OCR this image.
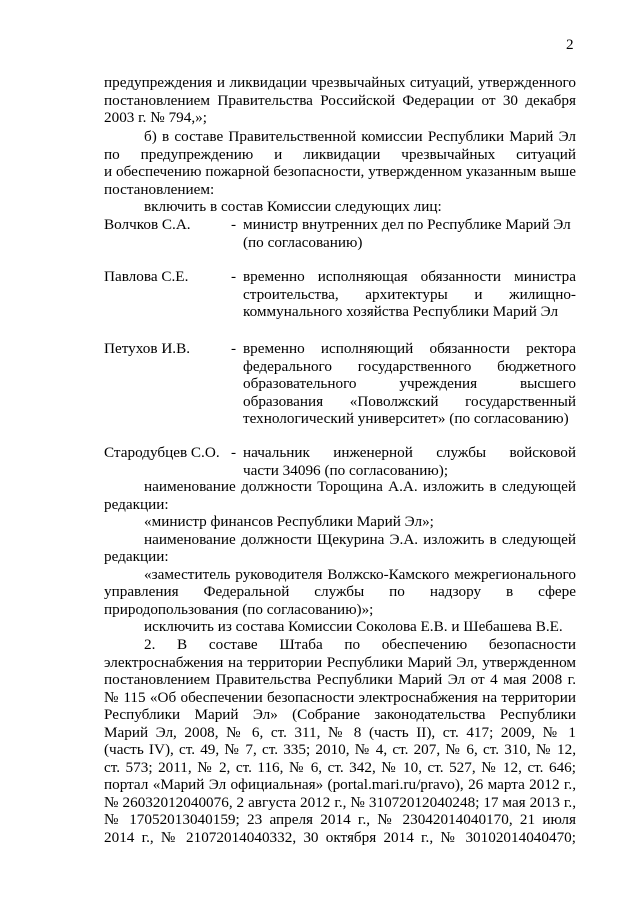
2
предупреждения и ликвидации чрезвычайных ситуаций, утвержденного
постановлением Правительства Российской Федерации от 30 декабря
2003 г. № 794,»;
б) в составе Правительственной комиссии Республики Марий Эл
по предупреждению и ликвидации чрезвычайных ситуаций
и обеспечению пожарной безопасности, утвержденном указанным выше
постановлением:
включить в состав Комиссии следующих лиц:
Волчков С.А.	- министр внутренних дел по Республике Марий Эл
(по согласованию)
Павлова С.Е.	- временно исполняющая обязанности министра
строительства, архитектуры и жилищно-
коммунального хозяйства Республики Марий Эл
Петухов И.В.	- временно исполняющий обязанности ректора
федерального государственного бюджетного
образовательного учреждения высшего
образования «Поволжский государственный
технологический университет» (по согласованию)
Стародубцев С.О. - начальник инженерной службы войсковой
части 34096 (по согласованию);
наименование должности Торощина А.А. изложить в следующей
редакции:
«министр финансов Республики Марий Эл»;
наименование должности Щекурина Э.А. изложить в следующей
редакции:
«заместитель руководителя Волжско-Камского межрегионального
управления Федеральной службы по надзору в сфере
природопользования (по согласованию)»;
исключить из состава Комиссии Соколова Е.В. и Шебашева В.Е.
2. В составе Штаба по обеспечению безопасности
электроснабжения на территории Республики Марий Эл, утвержденном
постановлением Правительства Республики Марий Эл от 4 мая 2008 г.
№ 115 «Об обеспечении безопасности электроснабжения на территории
Республики Марий Эл» (Собрание законодательства Республики
Марий Эл, 2008, № 6, ст. 311, № 8 (часть II), ст. 417; 2009, № 1
(часть IV), ст. 49, № 7, ст. 335; 2010, № 4, ст. 207, № 6, ст. 310, № 12,
ст. 573; 2011, № 2, ст. 116, № 6, ст. 342, № 10, ст. 527, № 12, ст. 646;
портал «Марий Эл официальная» (portal.mari.ru/pravo), 26 марта 2012 г.,
№ 26032012040076, 2 августа 2012 г., № 31072012040248; 17 мая 2013 г.,
№ 17052013040159; 23 апреля 2014 г., № 23042014040170, 21 июля
2014 г., № 21072014040332, 30 октября 2014 г., № 30102014040470;
